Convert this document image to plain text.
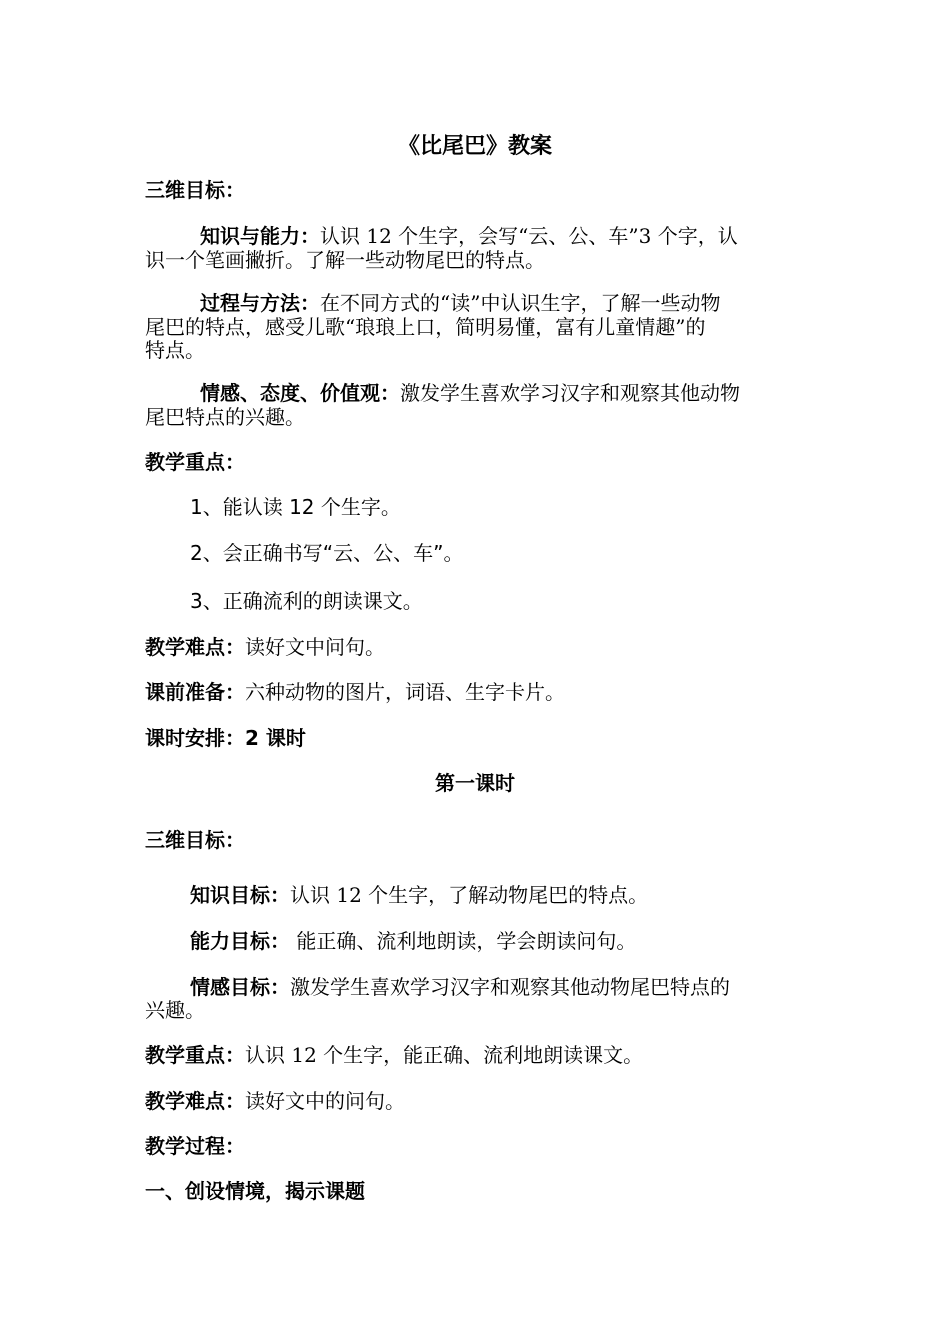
《比尾巴》教案
三维目标：
知识与能力：认识 12 个生字，会写“云、公、车”3 个字，认
识一个笔画撇折。了解一些动物尾巴的特点。
过程与方法：在不同方式的“读”中认识生字，了解一些动物
尾巴的特点，感受儿歌“琅琅上口，简明易懂，富有儿童情趣”的
特点。
情感、态度、价值观：激发学生喜欢学习汉字和观察其他动物
尾巴特点的兴趣。
教学重点：
1、能认读 12 个生字。
2、会正确书写“云、公、车”。
3、正确流利的朗读课文。
教学难点：读好文中问句。
课前准备：六种动物的图片，词语、生字卡片。
课时安排：2 课时
第一课时
三维目标：
知识目标：认识 12 个生字，了解动物尾巴的特点。
能力目标： 能正确、流利地朗读，学会朗读问句。
情感目标：激发学生喜欢学习汉字和观察其他动物尾巴特点的
兴趣。
教学重点：认识 12 个生字，能正确、流利地朗读课文。
教学难点：读好文中的问句。
教学过程：
一、创设情境，揭示课题
